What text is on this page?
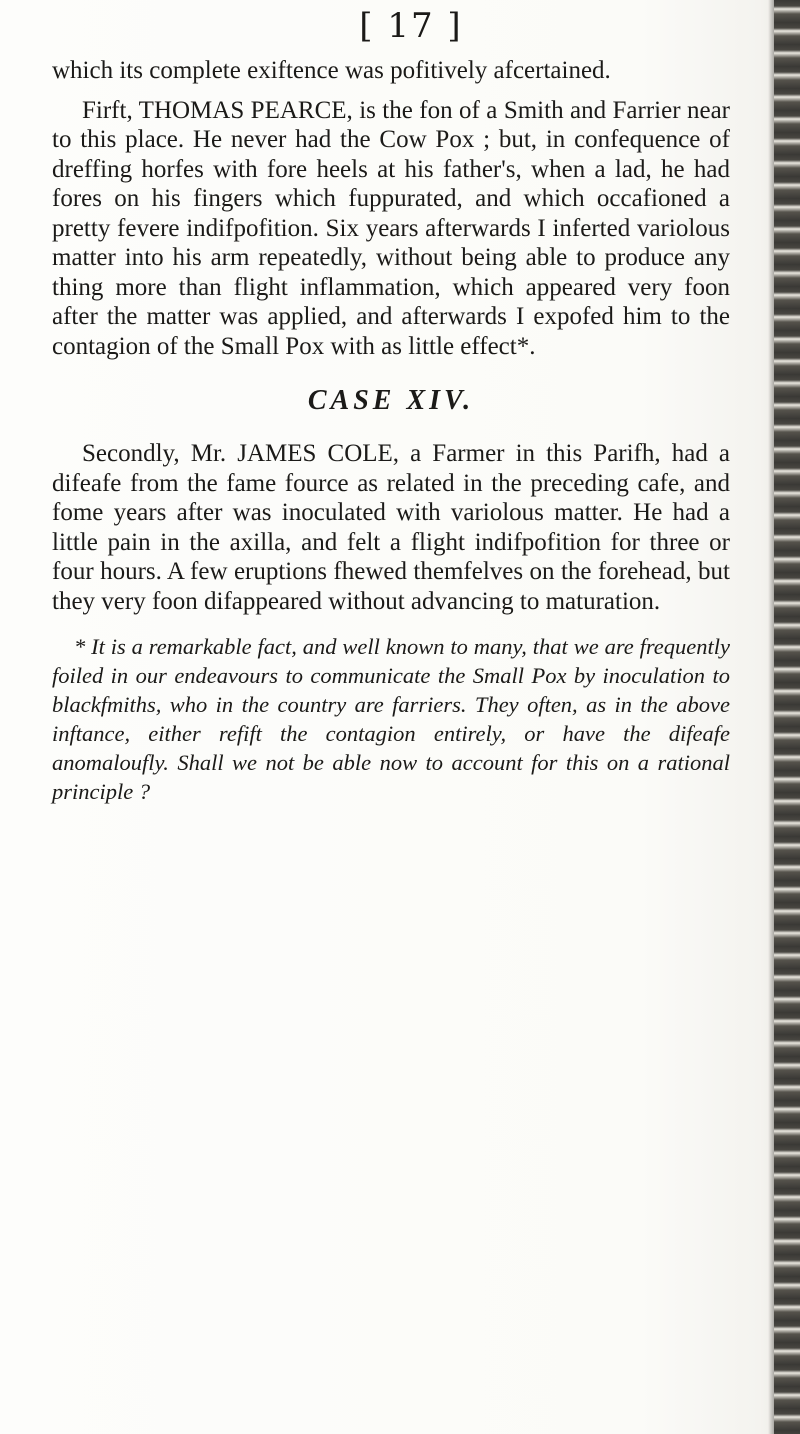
[ 17 ]

which its complete exiftence was pofitively afcertained.

Firft, THOMAS PEARCE, is the fon of a Smith and Farrier near to this place. He never had the Cow Pox ; but, in confequence of dreffing horfes with fore heels at his father's, when a lad, he had fores on his fingers which fuppurated, and which occafioned a pretty fevere indifpofition. Six years afterwards I inferted variolous matter into his arm repeatedly, without being able to produce any thing more than flight inflammation, which appeared very foon after the matter was applied, and afterwards I expofed him to the contagion of the Small Pox with as little effect*.

CASE XIV.

Secondly, Mr. JAMES COLE, a Farmer in this Parifh, had a difeafe from the fame fource as related in the preceding cafe, and fome years after was inoculated with variolous matter. He had a little pain in the axilla, and felt a flight indifpofition for three or four hours. A few eruptions fhewed themfelves on the forehead, but they very foon difappeared without advancing to maturation.

* It is a remarkable fact, and well known to many, that we are frequently foiled in our endeavours to communicate the Small Pox by inoculation to blackfmiths, who in the country are farriers. They often, as in the above inftance, either refift the contagion entirely, or have the difeafe anomaloufly. Shall we not be able now to account for this on a rational principle ?
